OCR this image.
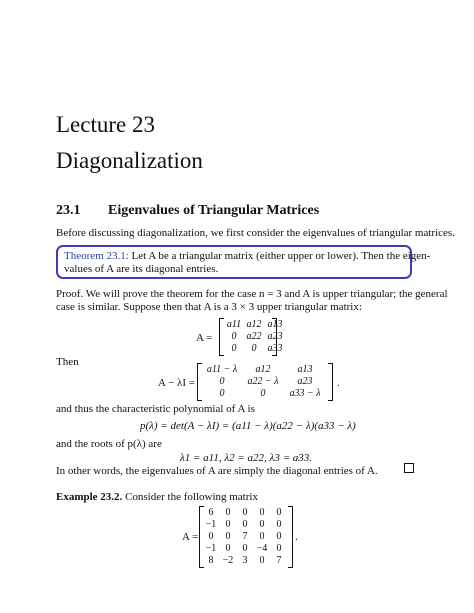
Lecture 23
Diagonalization
23.1 Eigenvalues of Triangular Matrices
Before discussing diagonalization, we first consider the eigenvalues of triangular matrices.
Theorem 23.1: Let A be a triangular matrix (either upper or lower). Then the eigen-
values of A are its diagonal entries.
Proof. We will prove the theorem for the case n = 3 and A is upper triangular; the general
case is similar. Suppose then that A is a 3 × 3 upper triangular matrix:
A =
a11 a12 a13
0	a22 a23
0	0	a33
Then
A − λI =
a11 − λ	a12	a13
0	a22 − λ	a23
0	0	a33 − λ
.
and thus the characteristic polynomial of A is
p(λ) = det(A − λI) = (a11 − λ)(a22 − λ)(a33 − λ)
and the roots of p(λ) are
λ1 = a11, λ2 = a22, λ3 = a33.
In other words, the eigenvalues of A are simply the diagonal entries of A.
Example 23.2. Consider the following matrix
A =
6	0	0	0	0
−1 0	0	0	0
0	0	7	0	0
−1 0	0 −4 0
8 −2 3	0	7
.
